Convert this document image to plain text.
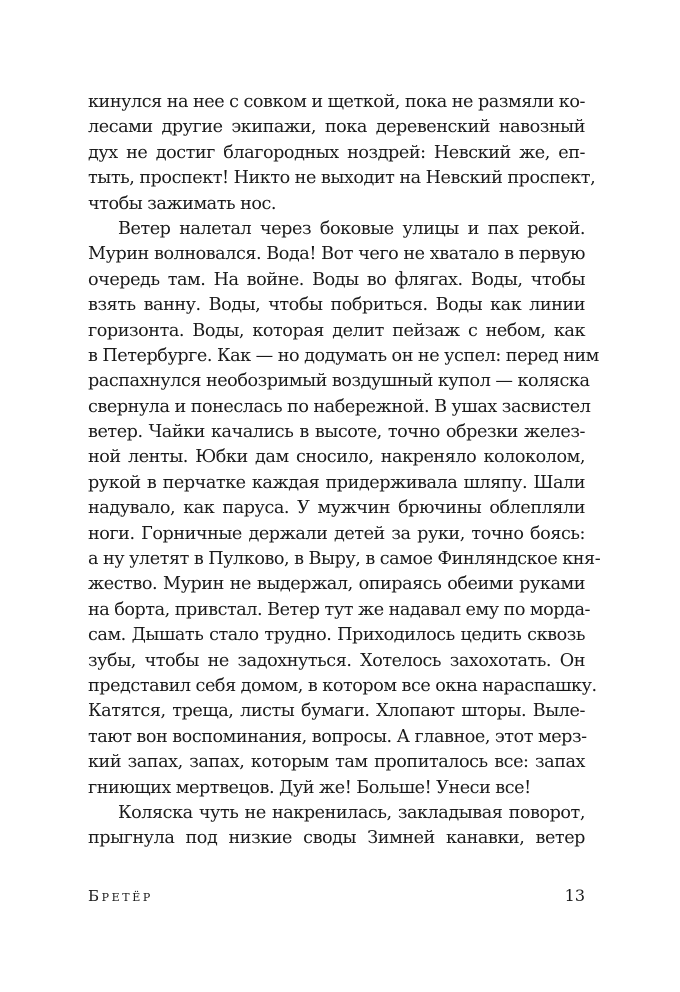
кинулся на нее с совком и щеткой, пока не размяли ко-
лесами другие экипажи, пока деревенский навозный
дух не достиг благородных ноздрей: Невский же, еп-
тыть, проспект! Никто не выходит на Невский проспект,
чтобы зажимать нос.
Ветер налетал через боковые улицы и пах рекой.
Мурин волновался. Вода! Вот чего не хватало в первую
очередь там. На войне. Воды во флягах. Воды, чтобы
взять ванну. Воды, чтобы побриться. Воды как линии
горизонта. Воды, которая делит пейзаж с небом, как
в Петербурге. Как — но додумать он не успел: перед ним
распахнулся необозримый воздушный купол — коляска
свернула и понеслась по набережной. В ушах засвистел
ветер. Чайки качались в высоте, точно обрезки желез-
ной ленты. Юбки дам сносило, накреняло колоколом,
рукой в перчатке каждая придерживала шляпу. Шали
надувало, как паруса. У мужчин брючины облепляли
ноги. Горничные держали детей за руки, точно боясь:
а ну улетят в Пулково, в Выру, в самое Финляндское кня-
жество. Мурин не выдержал, опираясь обеими руками
на борта, привстал. Ветер тут же надавал ему по морда-
сам. Дышать стало трудно. Приходилось цедить сквозь
зубы, чтобы не задохнуться. Хотелось захохотать. Он
представил себя домом, в котором все окна нараспашку.
Катятся, треща, листы бумаги. Хлопают шторы. Выле-
тают вон воспоминания, вопросы. А главное, этот мерз-
кий запах, запах, которым там пропиталось все: запах
гниющих мертвецов. Дуй же! Больше! Унеси все!
Коляска чуть не накренилась, закладывая поворот,
прыгнула под низкие своды Зимней канавки, ветер
Бретёр	13
